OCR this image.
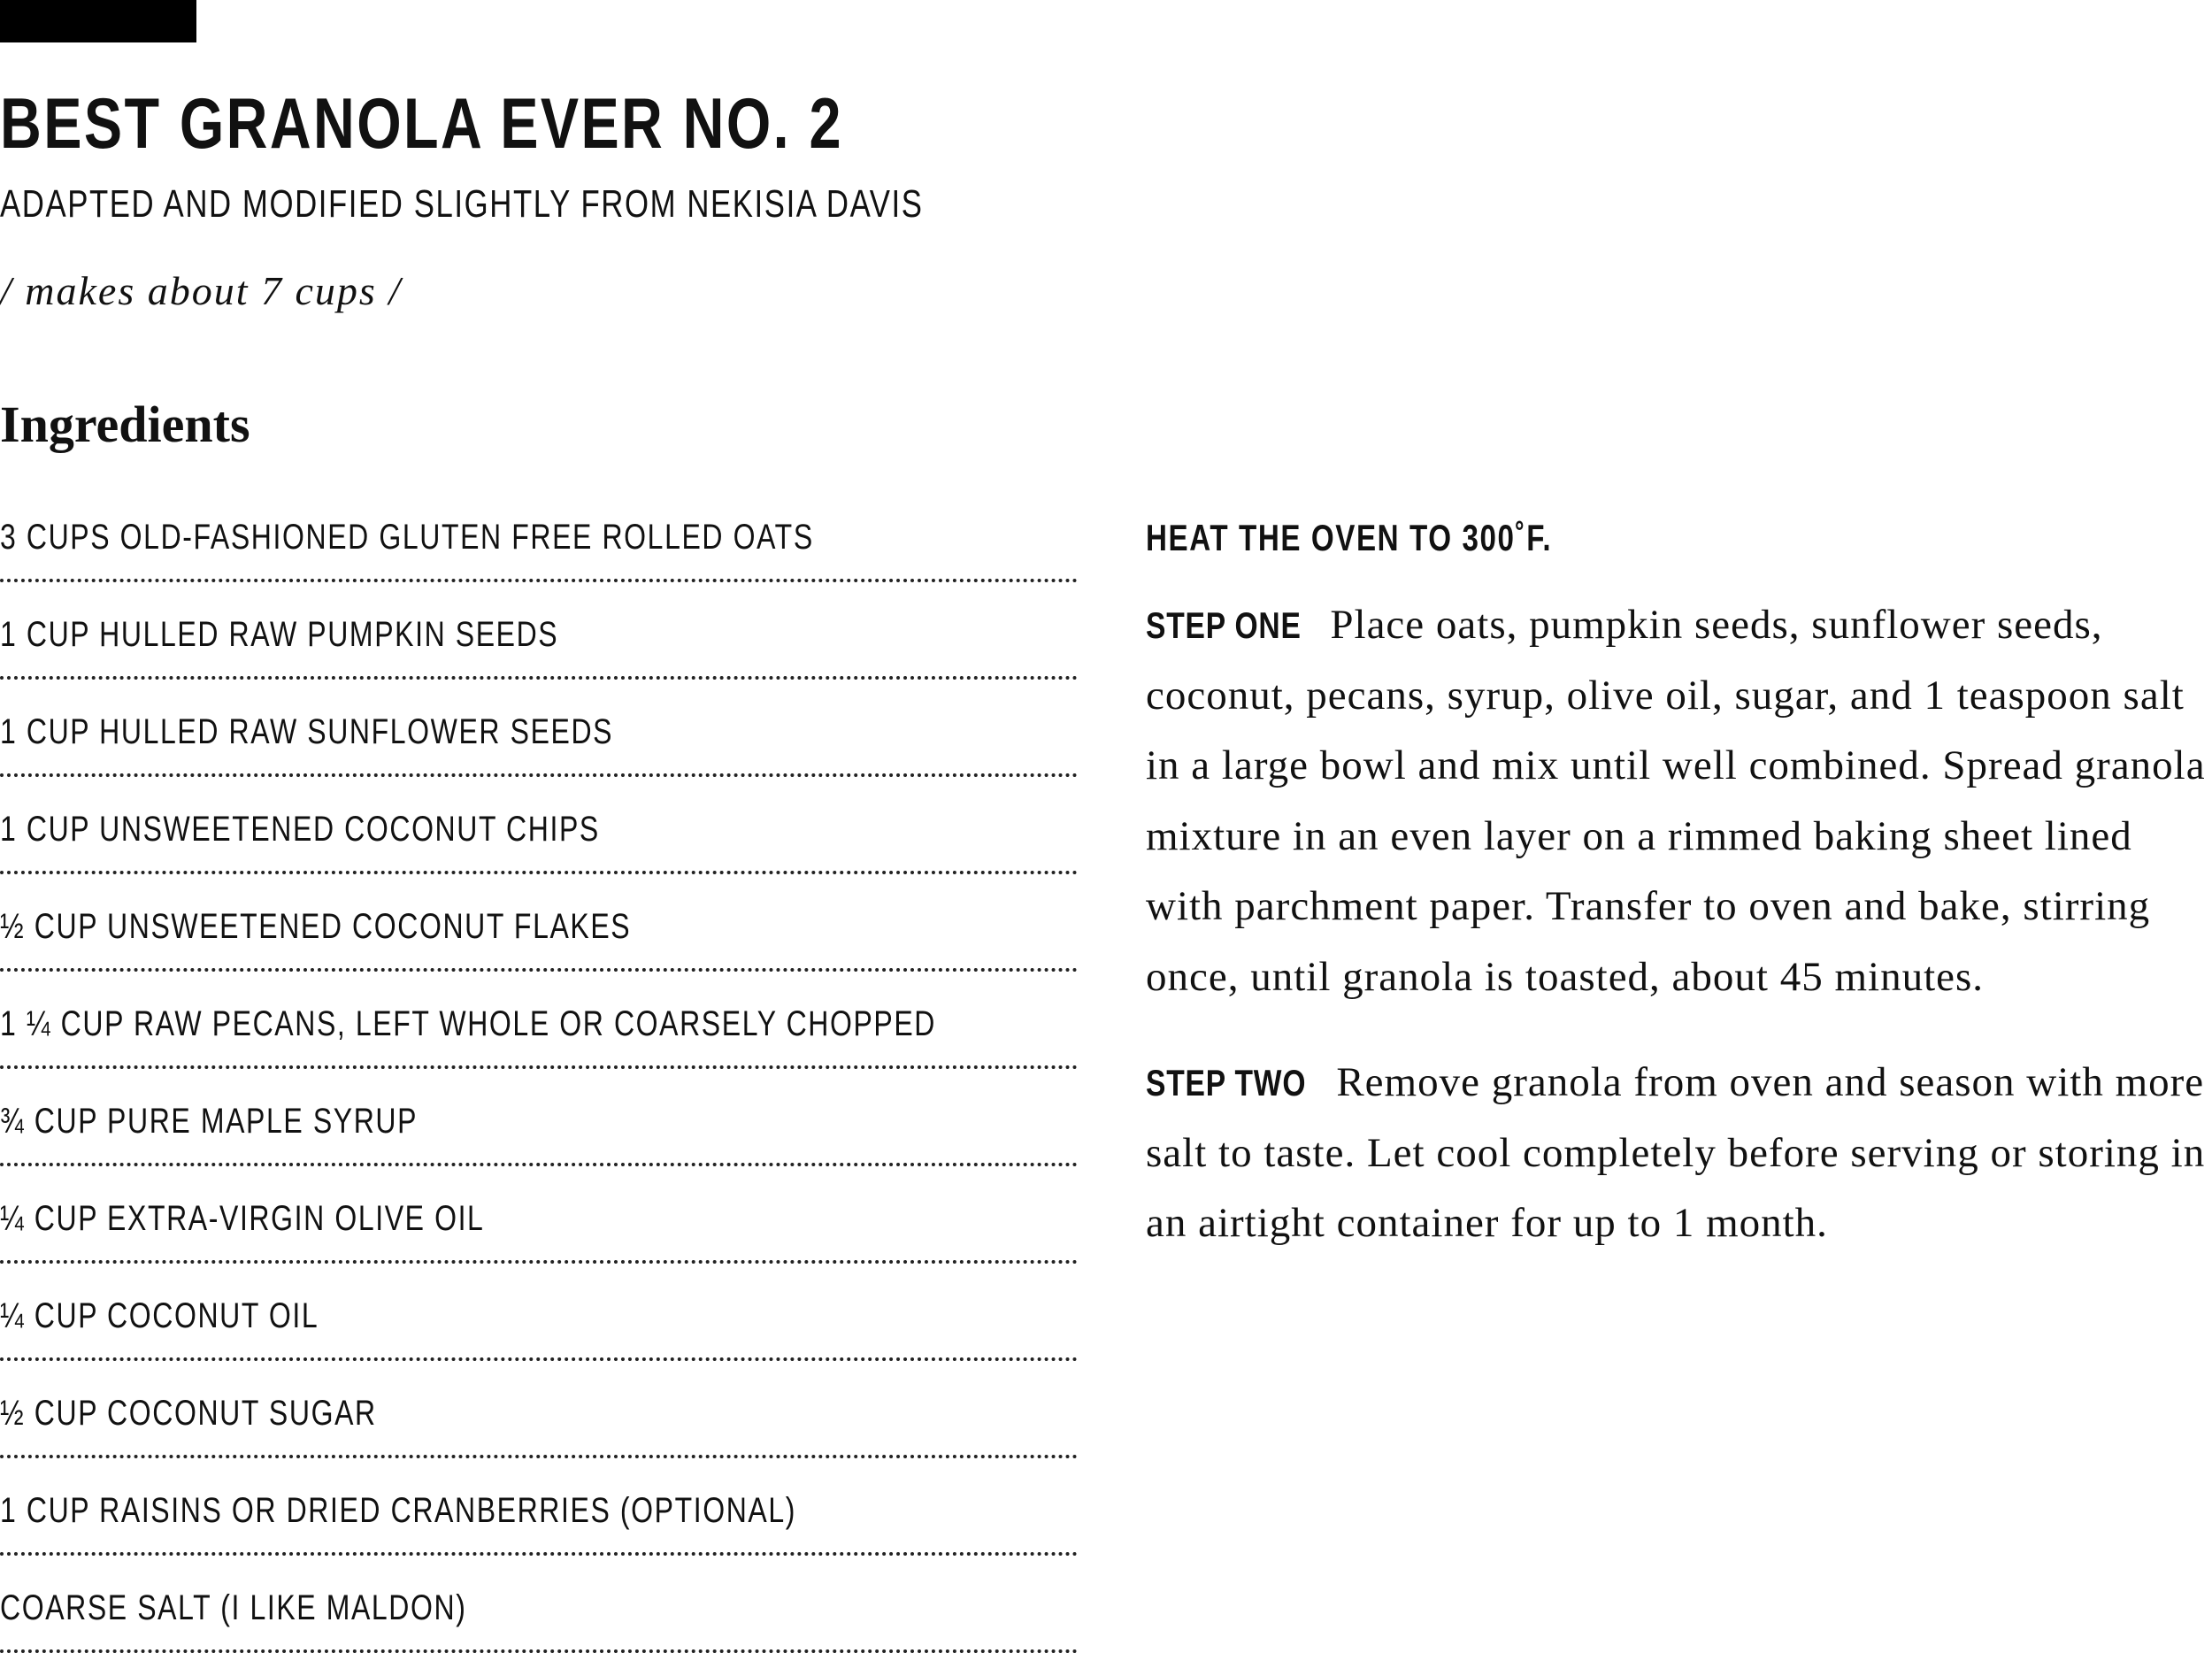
BEST GRANOLA EVER NO. 2

ADAPTED AND MODIFIED SLIGHTLY FROM NEKISIA DAVIS

/ makes about 7 cups /

Ingredients
3 CUPS OLD-FASHIONED GLUTEN FREE ROLLED OATS
1 CUP HULLED RAW PUMPKIN SEEDS
1 CUP HULLED RAW SUNFLOWER SEEDS
1 CUP UNSWEETENED COCONUT CHIPS
½ CUP UNSWEETENED COCONUT FLAKES
1 ¼ CUP RAW PECANS, LEFT WHOLE OR COARSELY CHOPPED
¾ CUP PURE MAPLE SYRUP
¼ CUP EXTRA-VIRGIN OLIVE OIL
¼ CUP COCONUT OIL
½ CUP COCONUT SUGAR
1 CUP RAISINS OR DRIED CRANBERRIES (OPTIONAL)
COARSE SALT (I LIKE MALDON)

HEAT THE OVEN TO 300˚F.

STEP ONE Place oats, pumpkin seeds, sunflower seeds, coconut, pecans, syrup, olive oil, sugar, and 1 teaspoon salt in a large bowl and mix until well combined. Spread granola mixture in an even layer on a rimmed baking sheet lined with parchment paper. Transfer to oven and bake, stirring once, until granola is toasted, about 45 minutes.

STEP TWO Remove granola from oven and season with more salt to taste. Let cool completely before serving or storing in an airtight container for up to 1 month.
